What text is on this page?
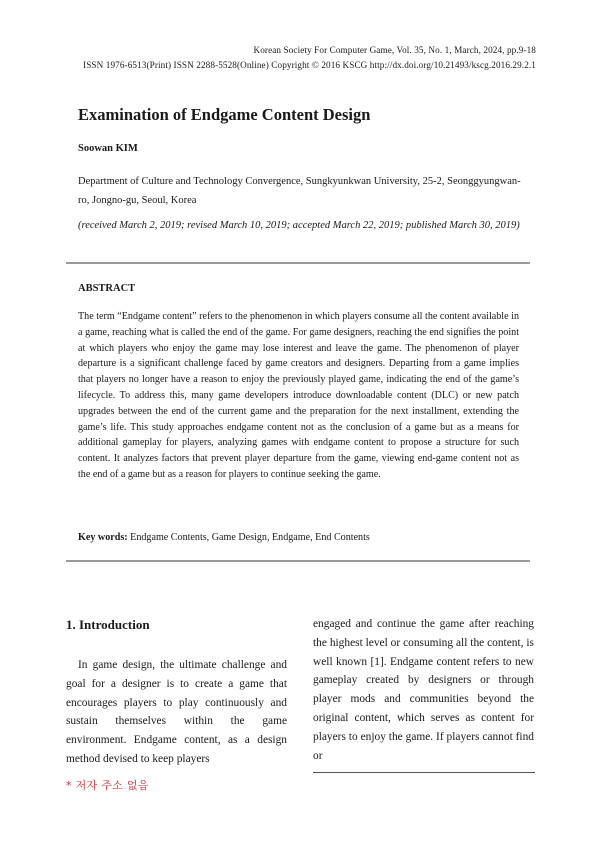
Korean Society For Computer Game, Vol. 35, No. 1, March, 2024, pp.9-18
ISSN 1976-6513(Print) ISSN 2288-5528(Online) Copyright © 2016 KSCG http://dx.doi.org/10.21493/kscg.2016.29.2.1
Examination of Endgame Content Design
Soowan KIM
Department of Culture and Technology Convergence, Sungkyunkwan University, 25-2, Seonggyungwan-ro, Jongno-gu, Seoul, Korea
(received March 2, 2019; revised March 10, 2019; accepted March 22, 2019; published March 30, 2019)
ABSTRACT
The term “Endgame content” refers to the phenomenon in which players consume all the content available in a game, reaching what is called the end of the game. For game designers, reaching the end signifies the point at which players who enjoy the game may lose interest and leave the game. The phenomenon of player departure is a significant challenge faced by game creators and designers. Departing from a game implies that players no longer have a reason to enjoy the previously played game, indicating the end of the game’s lifecycle. To address this, many game developers introduce downloadable content (DLC) or new patch upgrades between the end of the current game and the preparation for the next installment, extending the game’s life. This study approaches endgame content not as the conclusion of a game but as a means for additional gameplay for players, analyzing games with endgame content to propose a structure for such content. It analyzes factors that prevent player departure from the game, viewing end-game content not as the end of a game but as a reason for players to continue seeking the game.
Key words: Endgame Contents, Game Design, Endgame, End Contents
1. Introduction
In game design, the ultimate challenge and goal for a designer is to create a game that encourages players to play continuously and sustain themselves within the game environment. Endgame content, as a design method devised to keep players
engaged and continue the game after reaching the highest level or consuming all the content, is well known [1]. Endgame content refers to new gameplay created by designers or through player mods and communities beyond the original content, which serves as content for players to enjoy the game. If players cannot find or
* 저자 주소 없음
